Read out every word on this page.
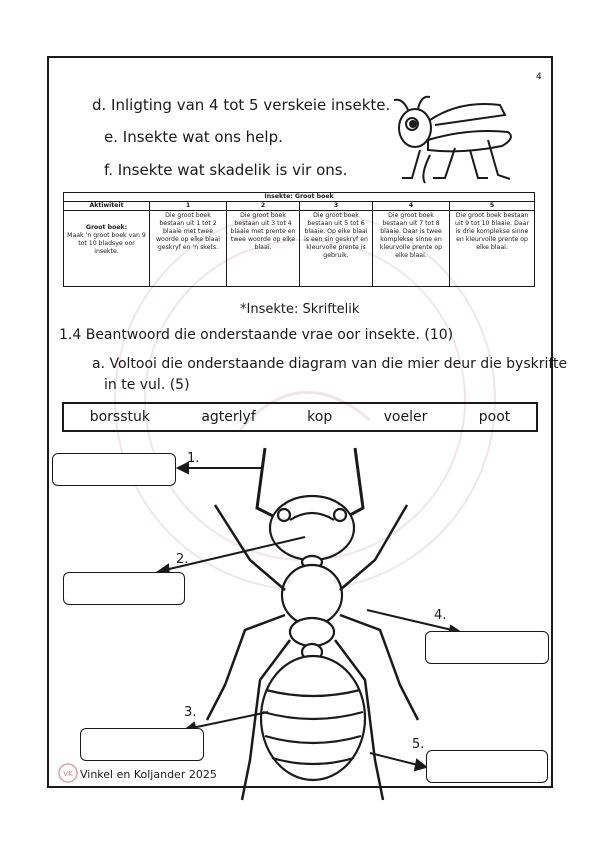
VK
4
d. Inligting van 4 tot 5 verskeie insekte.
e. Insekte wat ons help.
f. Insekte wat skadelik is vir ons.
Insekte: Groot boek					
Aktiwiteit	1	2	3	4	5

Groot boek:
Maak 'n groot boek van 9 tot 10 bladsye oor insekte.	Die groot boek bestaan uit 1 tot 2 blaaie met twee woorde op elke blaai geskryf en 'n skets.	Die groot boek bestaan uit 3 tot 4 blaaie met prente en twee woorde op elke blaai.	Die groot boek bestaan uit 5 tot 6 blaaie. Op elke blaai is een sin geskryf en kleurvolle prente is gebruik.	Die groot boek bestaan uit 7 tot 8 blaaie. Daar is twee komplekse sinne en kleurvolle prente op elke blaai.	Die groot boek bestaan uit 9 tot 10 blaaie. Daar is drie komplekse sinne en kleurvolle prente op elke blaai.
*Insekte: Skriftelik
1.4 Beantwoord die onderstaande vrae oor insekte. (10)
a. Voltooi die onderstaande diagram van die mier deur die byskrifte
in te vul. (5)
borsstuk	agterlyf	kop	voeler	poot
1.
2.
3.
4.
5.
Vinkel en Koljander 2025
